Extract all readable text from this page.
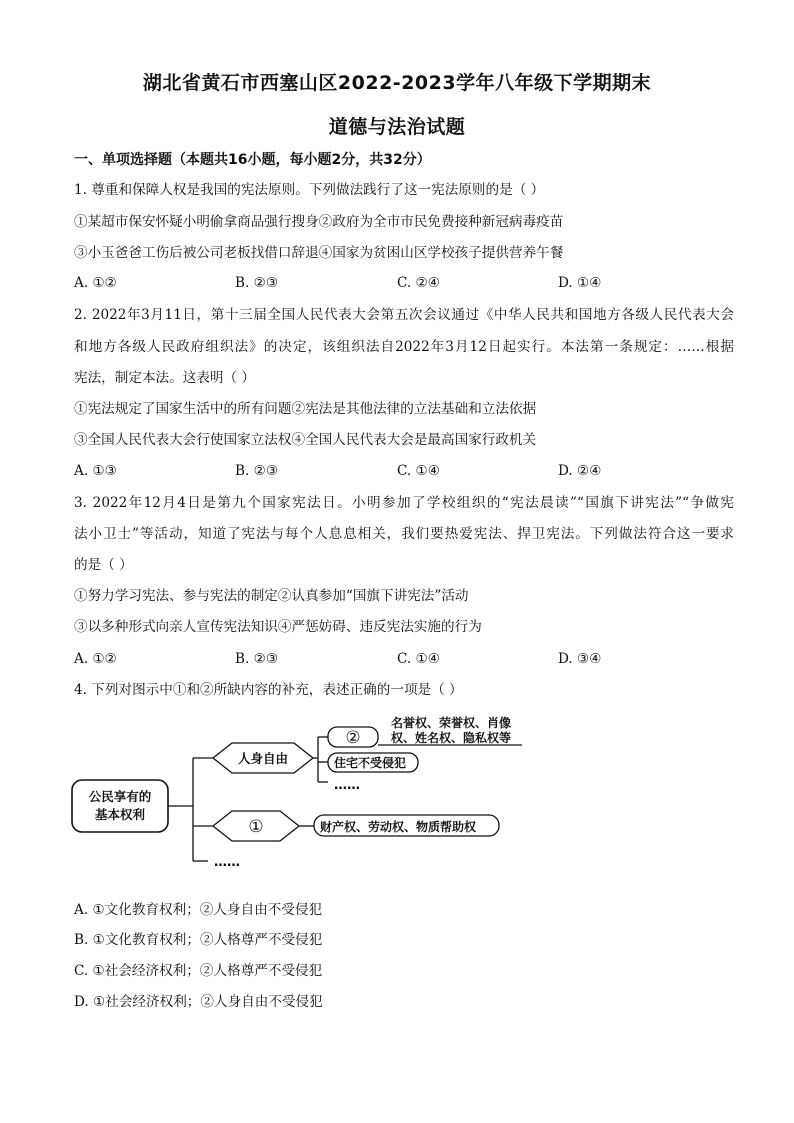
湖北省黄石市西塞山区2022-2023学年八年级下学期期末
道德与法治试题
一、单项选择题（本题共16小题，每小题2分，共32分）
1. 尊重和保障人权是我国的宪法原则。下列做法践行了这一宪法原则的是（ ）
①某超市保安怀疑小明偷拿商品强行搜身②政府为全市市民免费接种新冠病毒疫苗
③小玉爸爸工伤后被公司老板找借口辞退④国家为贫困山区学校孩子提供营养午餐
A. ①②	B. ②③	C. ②④	D. ①④
2. 2022年3月11日，第十三届全国人民代表大会第五次会议通过《中华人民共和国地方各级人民代表大会
和地方各级人民政府组织法》的决定，该组织法自2022年3月12日起实行。本法第一条规定：……根据
宪法，制定本法。这表明（ ）
①宪法规定了国家生活中的所有问题②宪法是其他法律的立法基础和立法依据
③全国人民代表大会行使国家立法权④全国人民代表大会是最高国家行政机关
A. ①③	B. ②③	C. ①④	D. ②④
3. 2022年12月4日是第九个国家宪法日。小明参加了学校组织的“宪法晨读”“国旗下讲宪法”“争做宪
法小卫士”等活动，知道了宪法与每个人息息相关，我们要热爱宪法、捍卫宪法。下列做法符合这一要求
的是（ ）
①努力学习宪法、参与宪法的制定②认真参加“国旗下讲宪法”活动
③以多种形式向亲人宣传宪法知识④严惩妨碍、违反宪法实施的行为
A. ①②	B. ②③	C. ①④	D. ③④
4. 下列对图示中①和②所缺内容的补充，表述正确的一项是（ ）
公民享有的
基本权利
人身自由
①
②
名誉权、荣誉权、肖像
权、姓名权、隐私权等
住宅不受侵犯
财产权、劳动权、物质帮助权
……
……
A. ①文化教育权利；②人身自由不受侵犯
B. ①文化教育权利；②人格尊严不受侵犯
C. ①社会经济权利；②人格尊严不受侵犯
D. ①社会经济权利；②人身自由不受侵犯
